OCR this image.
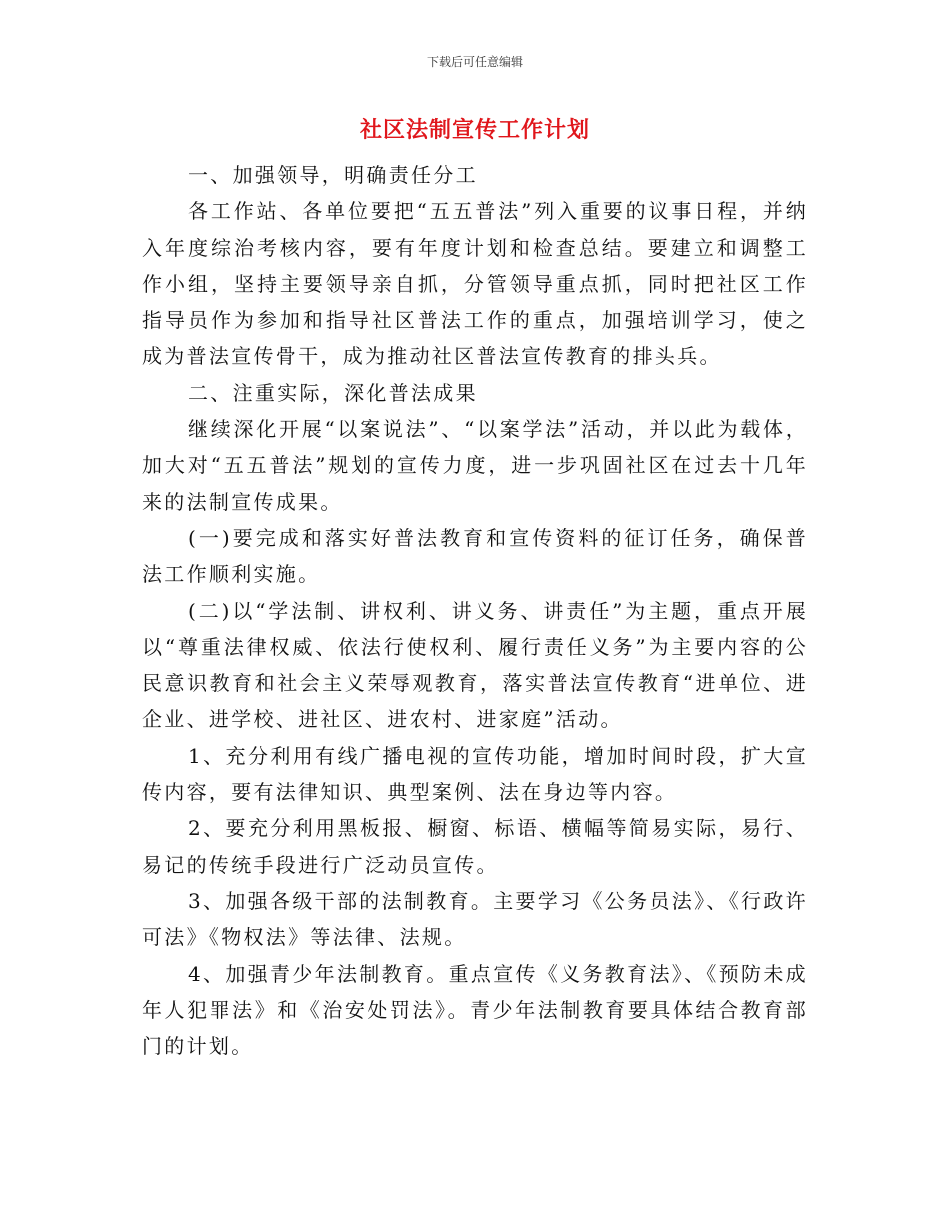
下载后可任意编辑
社区法制宣传工作计划

一、加强领导，明确责任分工

各工作站、各单位要把“五五普法”列入重要的议事日程，并纳入年度综治考核内容，要有年度计划和检查总结。要建立和调整工作小组，坚持主要领导亲自抓，分管领导重点抓，同时把社区工作指导员作为参加和指导社区普法工作的重点，加强培训学习，使之成为普法宣传骨干，成为推动社区普法宣传教育的排头兵。

二、注重实际，深化普法成果

继续深化开展“以案说法”、“以案学法”活动，并以此为载体，加大对“五五普法”规划的宣传力度，进一步巩固社区在过去十几年来的法制宣传成果。

(一)要完成和落实好普法教育和宣传资料的征订任务，确保普法工作顺利实施。

(二)以“学法制、讲权利、讲义务、讲责任”为主题，重点开展以“尊重法律权威、依法行使权利、履行责任义务”为主要内容的公民意识教育和社会主义荣辱观教育，落实普法宣传教育“进单位、进企业、进学校、进社区、进农村、进家庭”活动。

1、充分利用有线广播电视的宣传功能，增加时间时段，扩大宣传内容，要有法律知识、典型案例、法在身边等内容。

2、要充分利用黑板报、橱窗、标语、横幅等简易实际，易行、易记的传统手段进行广泛动员宣传。

3、加强各级干部的法制教育。主要学习《公务员法》、《行政许可法》《物权法》等法律、法规。

4、加强青少年法制教育。重点宣传《义务教育法》、《预防未成年人犯罪法》和《治安处罚法》。青少年法制教育要具体结合教育部门的计划。
